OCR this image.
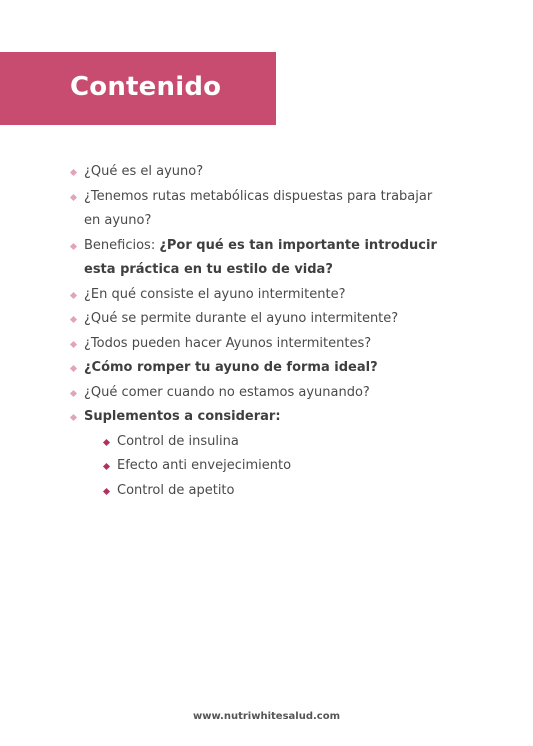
Contenido
¿Qué es el ayuno?
¿Tenemos rutas metabólicas dispuestas para trabajar en ayuno?
Beneficios: ¿Por qué es tan importante introducir esta práctica en tu estilo de vida?
¿En qué consiste el ayuno intermitente?
¿Qué se permite durante el ayuno intermitente?
¿Todos pueden hacer Ayunos intermitentes?
¿Cómo romper tu ayuno de forma ideal?
¿Qué comer cuando no estamos ayunando?
Suplementos a considerar:
Control de insulina
Efecto anti envejecimiento
Control de apetito
www.nutriwhitesalud.com
